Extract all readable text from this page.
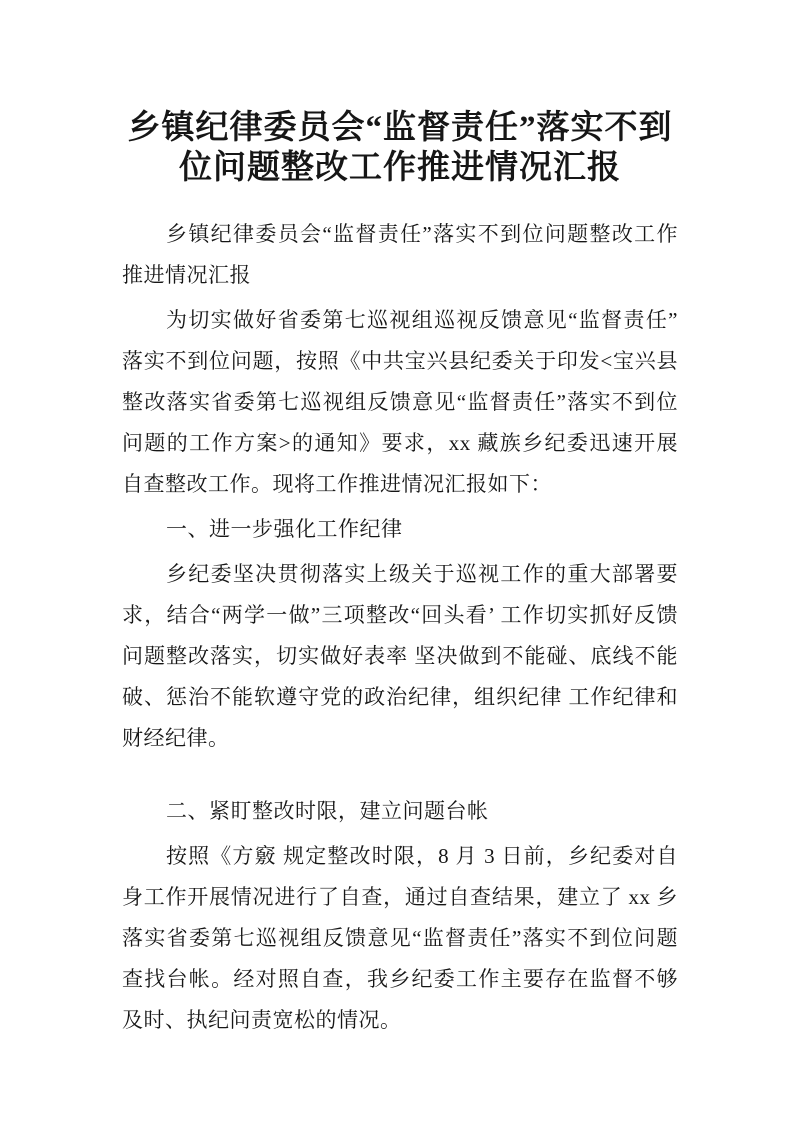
乡镇纪律委员会“监督责任”落实不到
位问题整改工作推进情况汇报

乡镇纪律委员会“监督责任”落实不到位问题整改工作推进情况汇报

为切实做好省委第七巡视组巡视反馈意见“监督责任”落实不到位问题，按照《中共宝兴县纪委关于印发<宝兴县整改落实省委第七巡视组反馈意见“监督责任”落实不到位问题的工作方案>的通知》要求，xx 藏族乡纪委迅速开展自查整改工作。现将工作推进情况汇报如下：

一、进一步强化工作纪律

乡纪委坚决贯彻落实上级关于巡视工作的重大部署要求，结合“两学一做”三项整改“回头看’ 工作切实抓好反馈问题整改落实，切实做好表率 坚决做到不能碰、底线不能破、惩治不能软遵守党的政治纪律，组织纪律 工作纪律和财经纪律。

二、紧盯整改时限，建立问题台帐

按照《方竅 规定整改时限，8 月 3 日前，乡纪委对自身工作开展情况进行了自查，通过自查结果，建立了 xx 乡落实省委第七巡视组反馈意见“监督责任”落实不到位问题查找台帐。经对照自查，我乡纪委工作主要存在监督不够及时、执纪问责宽松的情况。
